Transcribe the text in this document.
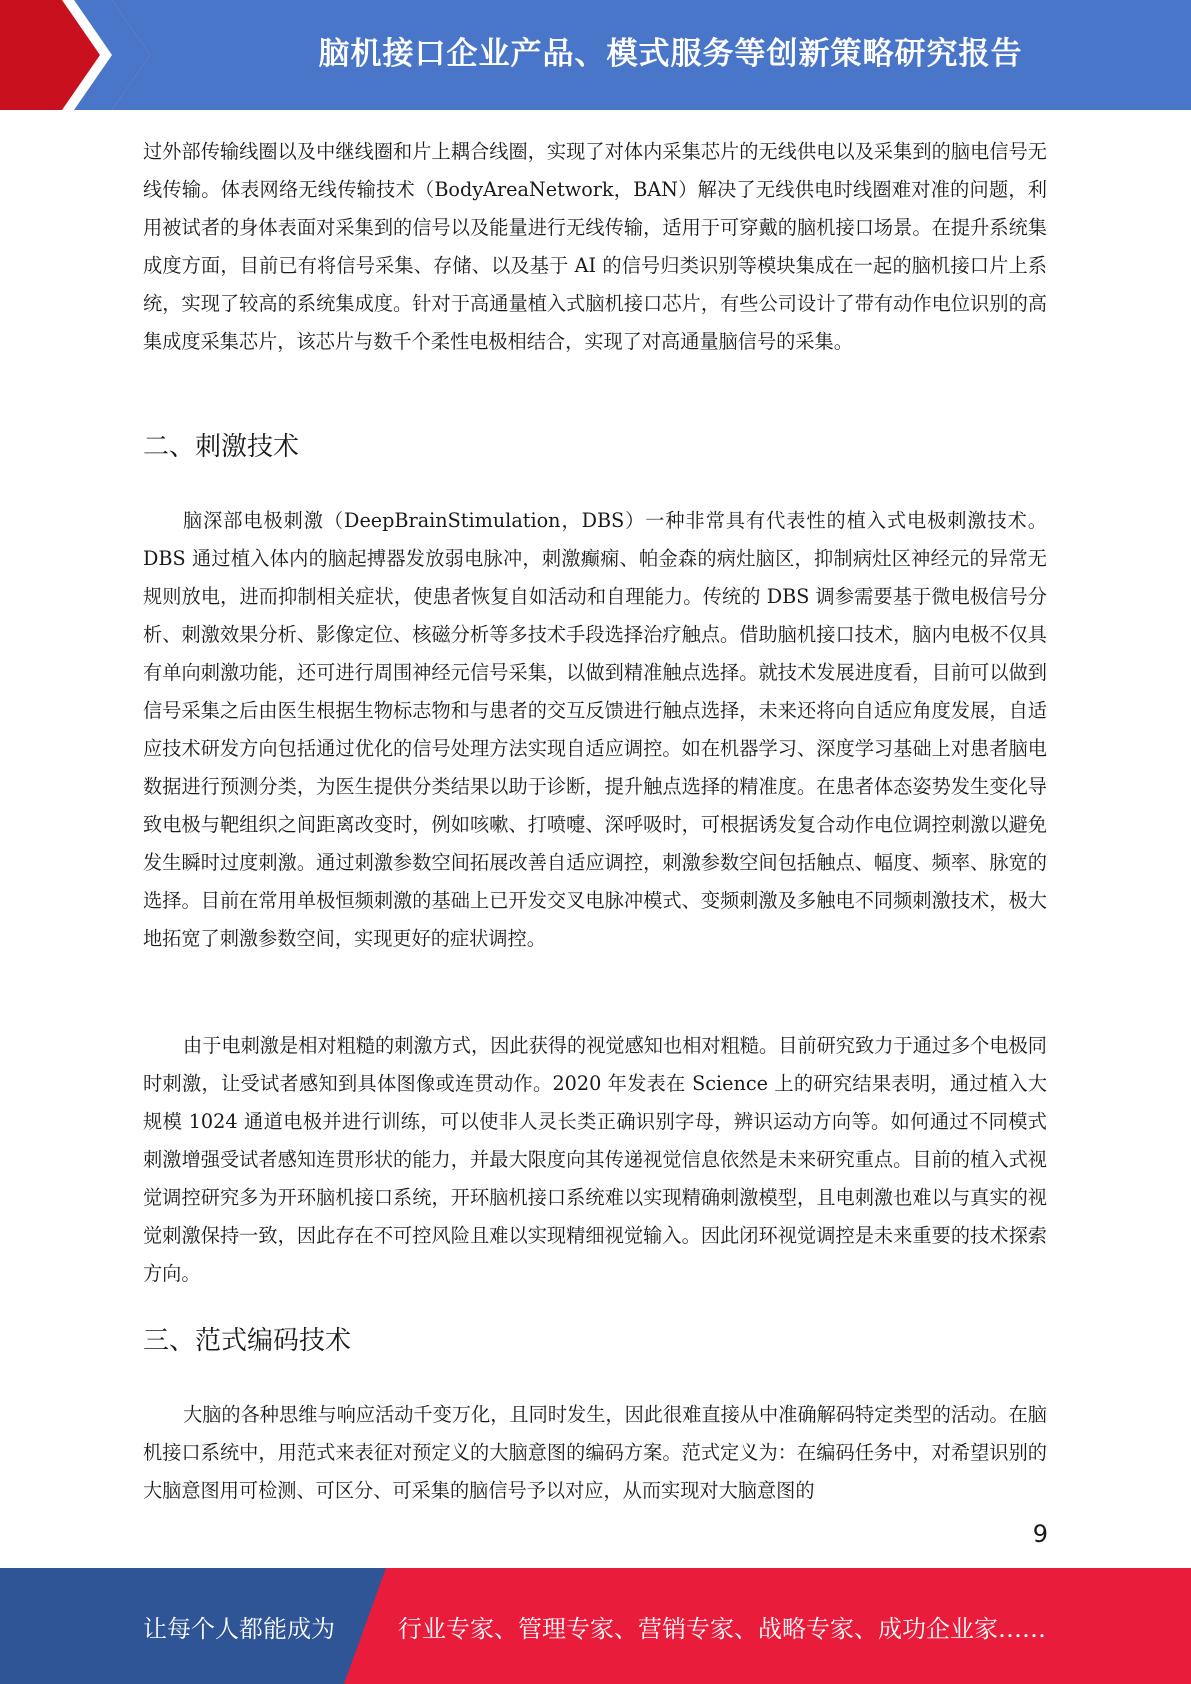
脑机接口企业产品、模式服务等创新策略研究报告

过外部传输线圈以及中继线圈和片上耦合线圈，实现了对体内采集芯片的无线供电以及采集到的脑电信号无线传输。体表网络无线传输技术（BodyAreaNetwork，BAN）解决了无线供电时线圈难对准的问题，利用被试者的身体表面对采集到的信号以及能量进行无线传输，适用于可穿戴的脑机接口场景。在提升系统集成度方面，目前已有将信号采集、存储、以及基于 AI 的信号归类识别等模块集成在一起的脑机接口片上系统，实现了较高的系统集成度。针对于高通量植入式脑机接口芯片，有些公司设计了带有动作电位识别的高集成度采集芯片，该芯片与数千个柔性电极相结合，实现了对高通量脑信号的采集。

二、刺激技术

脑深部电极刺激（DeepBrainStimulation，DBS）一种非常具有代表性的植入式电极刺激技术。DBS 通过植入体内的脑起搏器发放弱电脉冲，刺激癫痫、帕金森的病灶脑区，抑制病灶区神经元的异常无规则放电，进而抑制相关症状，使患者恢复自如活动和自理能力。传统的 DBS 调参需要基于微电极信号分析、刺激效果分析、影像定位、核磁分析等多技术手段选择治疗触点。借助脑机接口技术，脑内电极不仅具有单向刺激功能，还可进行周围神经元信号采集，以做到精准触点选择。就技术发展进度看，目前可以做到信号采集之后由医生根据生物标志物和与患者的交互反馈进行触点选择，未来还将向自适应角度发展，自适应技术研发方向包括通过优化的信号处理方法实现自适应调控。如在机器学习、深度学习基础上对患者脑电数据进行预测分类，为医生提供分类结果以助于诊断，提升触点选择的精准度。在患者体态姿势发生变化导致电极与靶组织之间距离改变时，例如咳嗽、打喷嚏、深呼吸时，可根据诱发复合动作电位调控刺激以避免发生瞬时过度刺激。通过刺激参数空间拓展改善自适应调控，刺激参数空间包括触点、幅度、频率、脉宽的选择。目前在常用单极恒频刺激的基础上已开发交叉电脉冲模式、变频刺激及多触电不同频刺激技术，极大地拓宽了刺激参数空间，实现更好的症状调控。

由于电刺激是相对粗糙的刺激方式，因此获得的视觉感知也相对粗糙。目前研究致力于通过多个电极同时刺激，让受试者感知到具体图像或连贯动作。2020 年发表在 Science 上的研究结果表明，通过植入大规模 1024 通道电极并进行训练，可以使非人灵长类正确识别字母，辨识运动方向等。如何通过不同模式刺激增强受试者感知连贯形状的能力，并最大限度向其传递视觉信息依然是未来研究重点。目前的植入式视觉调控研究多为开环脑机接口系统，开环脑机接口系统难以实现精确刺激模型，且电刺激也难以与真实的视觉刺激保持一致，因此存在不可控风险且难以实现精细视觉输入。因此闭环视觉调控是未来重要的技术探索方向。

三、范式编码技术

大脑的各种思维与响应活动千变万化，且同时发生，因此很难直接从中准确解码特定类型的活动。在脑机接口系统中，用范式来表征对预定义的大脑意图的编码方案。范式定义为：在编码任务中，对希望识别的大脑意图用可检测、可区分、可采集的脑信号予以对应，从而实现对大脑意图的

9
让每个人都能成为	行业专家、管理专家、营销专家、战略专家、成功企业家……
